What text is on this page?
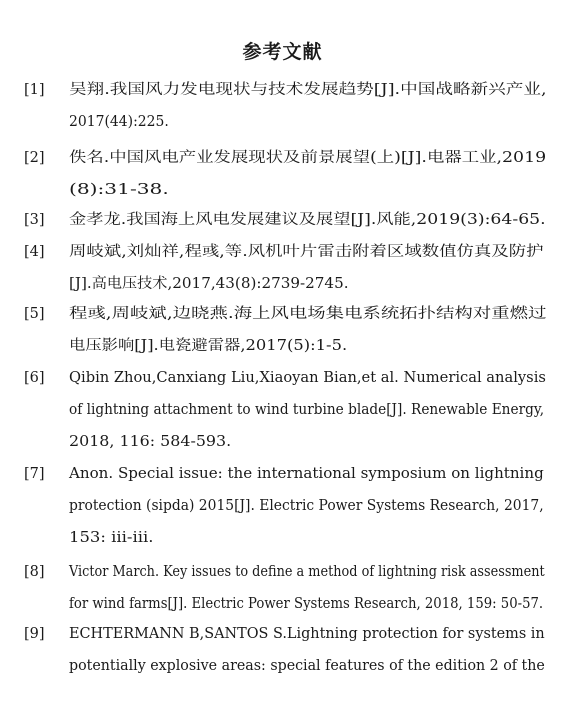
参考文献
[1] 吴翔.我国风力发电现状与技术发展趋势[J].中国战略新兴产业,
2017(44):225.
[2] 佚名.中国风电产业发展现状及前景展望(上)[J].电器工业,2019
(8):31-38.
[3] 金孝龙.我国海上风电发展建议及展望[J].风能,2019(3):64-65.
[4] 周岐斌,刘灿祥,程彧,等.风机叶片雷击附着区域数值仿真及防护
[J].高电压技术,2017,43(8):2739-2745.
[5] 程彧,周岐斌,边晓燕.海上风电场集电系统拓扑结构对重燃过
电压影响[J].电瓷避雷器,2017(5):1-5.
[6] Qibin Zhou,Canxiang Liu,Xiaoyan Bian,et al. Numerical analysis
of lightning attachment to wind turbine blade[J]. Renewable Energy,
2018, 116: 584-593.
[7] Anon. Special issue: the international symposium on lightning
protection (sipda) 2015[J]. Electric Power Systems Research, 2017,
153: iii-iii.
[8] Victor March. Key issues to define a method of lightning risk assessment
for wind farms[J]. Electric Power Systems Research, 2018, 159: 50-57.
[9] ECHTERMANN B,SANTOS S.Lightning protection for systems in
potentially explosive areas: special features of the edition 2 of the
